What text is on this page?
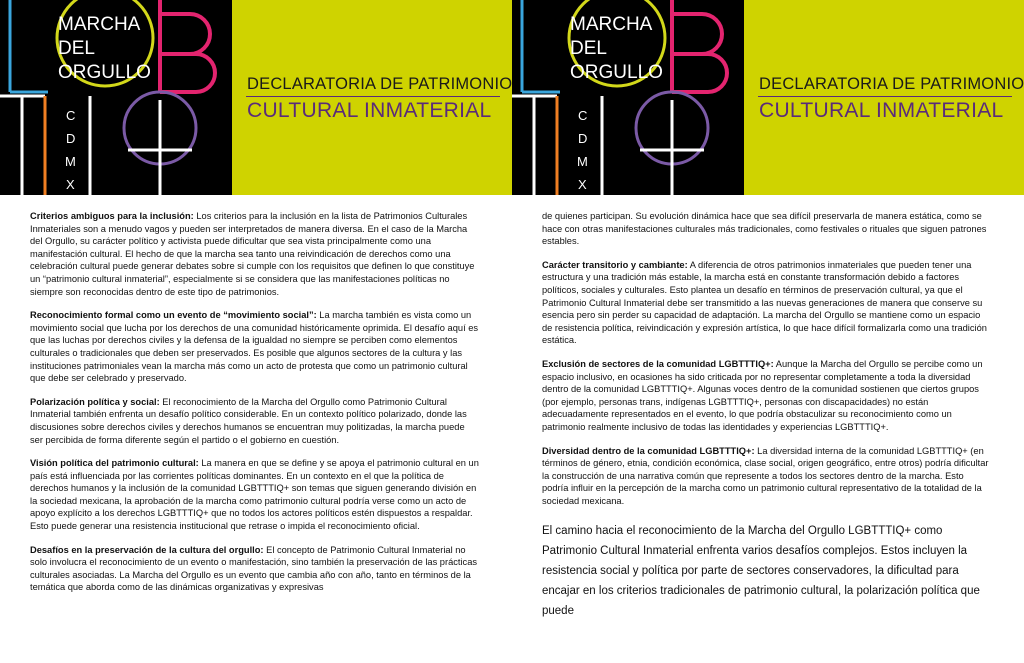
MARCHA
DEL
ORGULLO
C
D
M
X
DECLARATORIA DE PATRIMONIO
CULTURAL INMATERIAL

Criterios ambiguos para la inclusión: Los criterios para la inclusión en la lista de Patrimonios Culturales Inmateriales son a menudo vagos y pueden ser interpretados de manera diversa. En el caso de la Marcha del Orgullo, su carácter político y activista puede dificultar que sea vista principalmente como una manifestación cultural. El hecho de que la marcha sea tanto una reivindicación de derechos como una celebración cultural puede generar debates sobre si cumple con los requisitos que definen lo que constituye un “patrimonio cultural inmaterial”, especialmente si se considera que las manifestaciones políticas no siempre son reconocidas dentro de este tipo de patrimonios.

Reconocimiento formal como un evento de “movimiento social”: La marcha también es vista como un movimiento social que lucha por los derechos de una comunidad históricamente oprimida. El desafío aquí es que las luchas por derechos civiles y la defensa de la igualdad no siempre se perciben como elementos culturales o tradicionales que deben ser preservados. Es posible que algunos sectores de la cultura y las instituciones patrimoniales vean la marcha más como un acto de protesta que como un patrimonio cultural que debe ser celebrado y preservado.

Polarización política y social: El reconocimiento de la Marcha del Orgullo como Patrimonio Cultural Inmaterial también enfrenta un desafío político considerable. En un contexto político polarizado, donde las discusiones sobre derechos civiles y derechos humanos se encuentran muy politizadas, la marcha puede ser percibida de forma diferente según el partido o el gobierno en cuestión.

Visión política del patrimonio cultural: La manera en que se define y se apoya el patrimonio cultural en un país está influenciada por las corrientes políticas dominantes. En un contexto en el que la política de derechos humanos y la inclusión de la comunidad LGBTTTIQ+ son temas que siguen generando división en la sociedad mexicana, la aprobación de la marcha como patrimonio cultural podría verse como un acto de apoyo explícito a los derechos LGBTTTIQ+ que no todos los actores políticos estén dispuestos a respaldar. Esto puede generar una resistencia institucional que retrase o impida el reconocimiento oficial.

Desafíos en la preservación de la cultura del orgullo: El concepto de Patrimonio Cultural Inmaterial no solo involucra el reconocimiento de un evento o manifestación, sino también la preservación de las prácticas culturales asociadas. La Marcha del Orgullo es un evento que cambia año con año, tanto en términos de la temática que aborda como de las dinámicas organizativas y expresivas

MARCHA
DEL
ORGULLO
C
D
M
X
DECLARATORIA DE PATRIMONIO
CULTURAL INMATERIAL

de quienes participan. Su evolución dinámica hace que sea difícil preservarla de manera estática, como se hace con otras manifestaciones culturales más tradicionales, como festivales o rituales que siguen patrones estables.

Carácter transitorio y cambiante: A diferencia de otros patrimonios inmateriales que pueden tener una estructura y una tradición más estable, la marcha está en constante transformación debido a factores políticos, sociales y culturales. Esto plantea un desafío en términos de preservación cultural, ya que el Patrimonio Cultural Inmaterial debe ser transmitido a las nuevas generaciones de manera que conserve su esencia pero sin perder su capacidad de adaptación. La marcha del Orgullo se mantiene como un espacio de resistencia política, reivindicación y expresión artística, lo que hace difícil formalizarla como una tradición estática.

Exclusión de sectores de la comunidad LGBTTTIQ+: Aunque la Marcha del Orgullo se percibe como un espacio inclusivo, en ocasiones ha sido criticada por no representar completamente a toda la diversidad dentro de la comunidad LGBTTTIQ+. Algunas voces dentro de la comunidad sostienen que ciertos grupos (por ejemplo, personas trans, indígenas LGBTTTIQ+, personas con discapacidades) no están adecuadamente representados en el evento, lo que podría obstaculizar su reconocimiento como un patrimonio realmente inclusivo de todas las identidades y experiencias LGBTTTIQ+.

Diversidad dentro de la comunidad LGBTTTIQ+: La diversidad interna de la comunidad LGBTTTIQ+ (en términos de género, etnia, condición económica, clase social, origen geográfico, entre otros) podría dificultar la construcción de una narrativa común que represente a todos los sectores dentro de la marcha. Esto podría influir en la percepción de la marcha como un patrimonio cultural representativo de la totalidad de la sociedad mexicana.

El camino hacia el reconocimiento de la Marcha del Orgullo LGBTTTIQ+ como Patrimonio Cultural Inmaterial enfrenta varios desafíos complejos. Estos incluyen la resistencia social y política por parte de sectores conservadores, la dificultad para encajar en los criterios tradicionales de patrimonio cultural, la polarización política que puede
